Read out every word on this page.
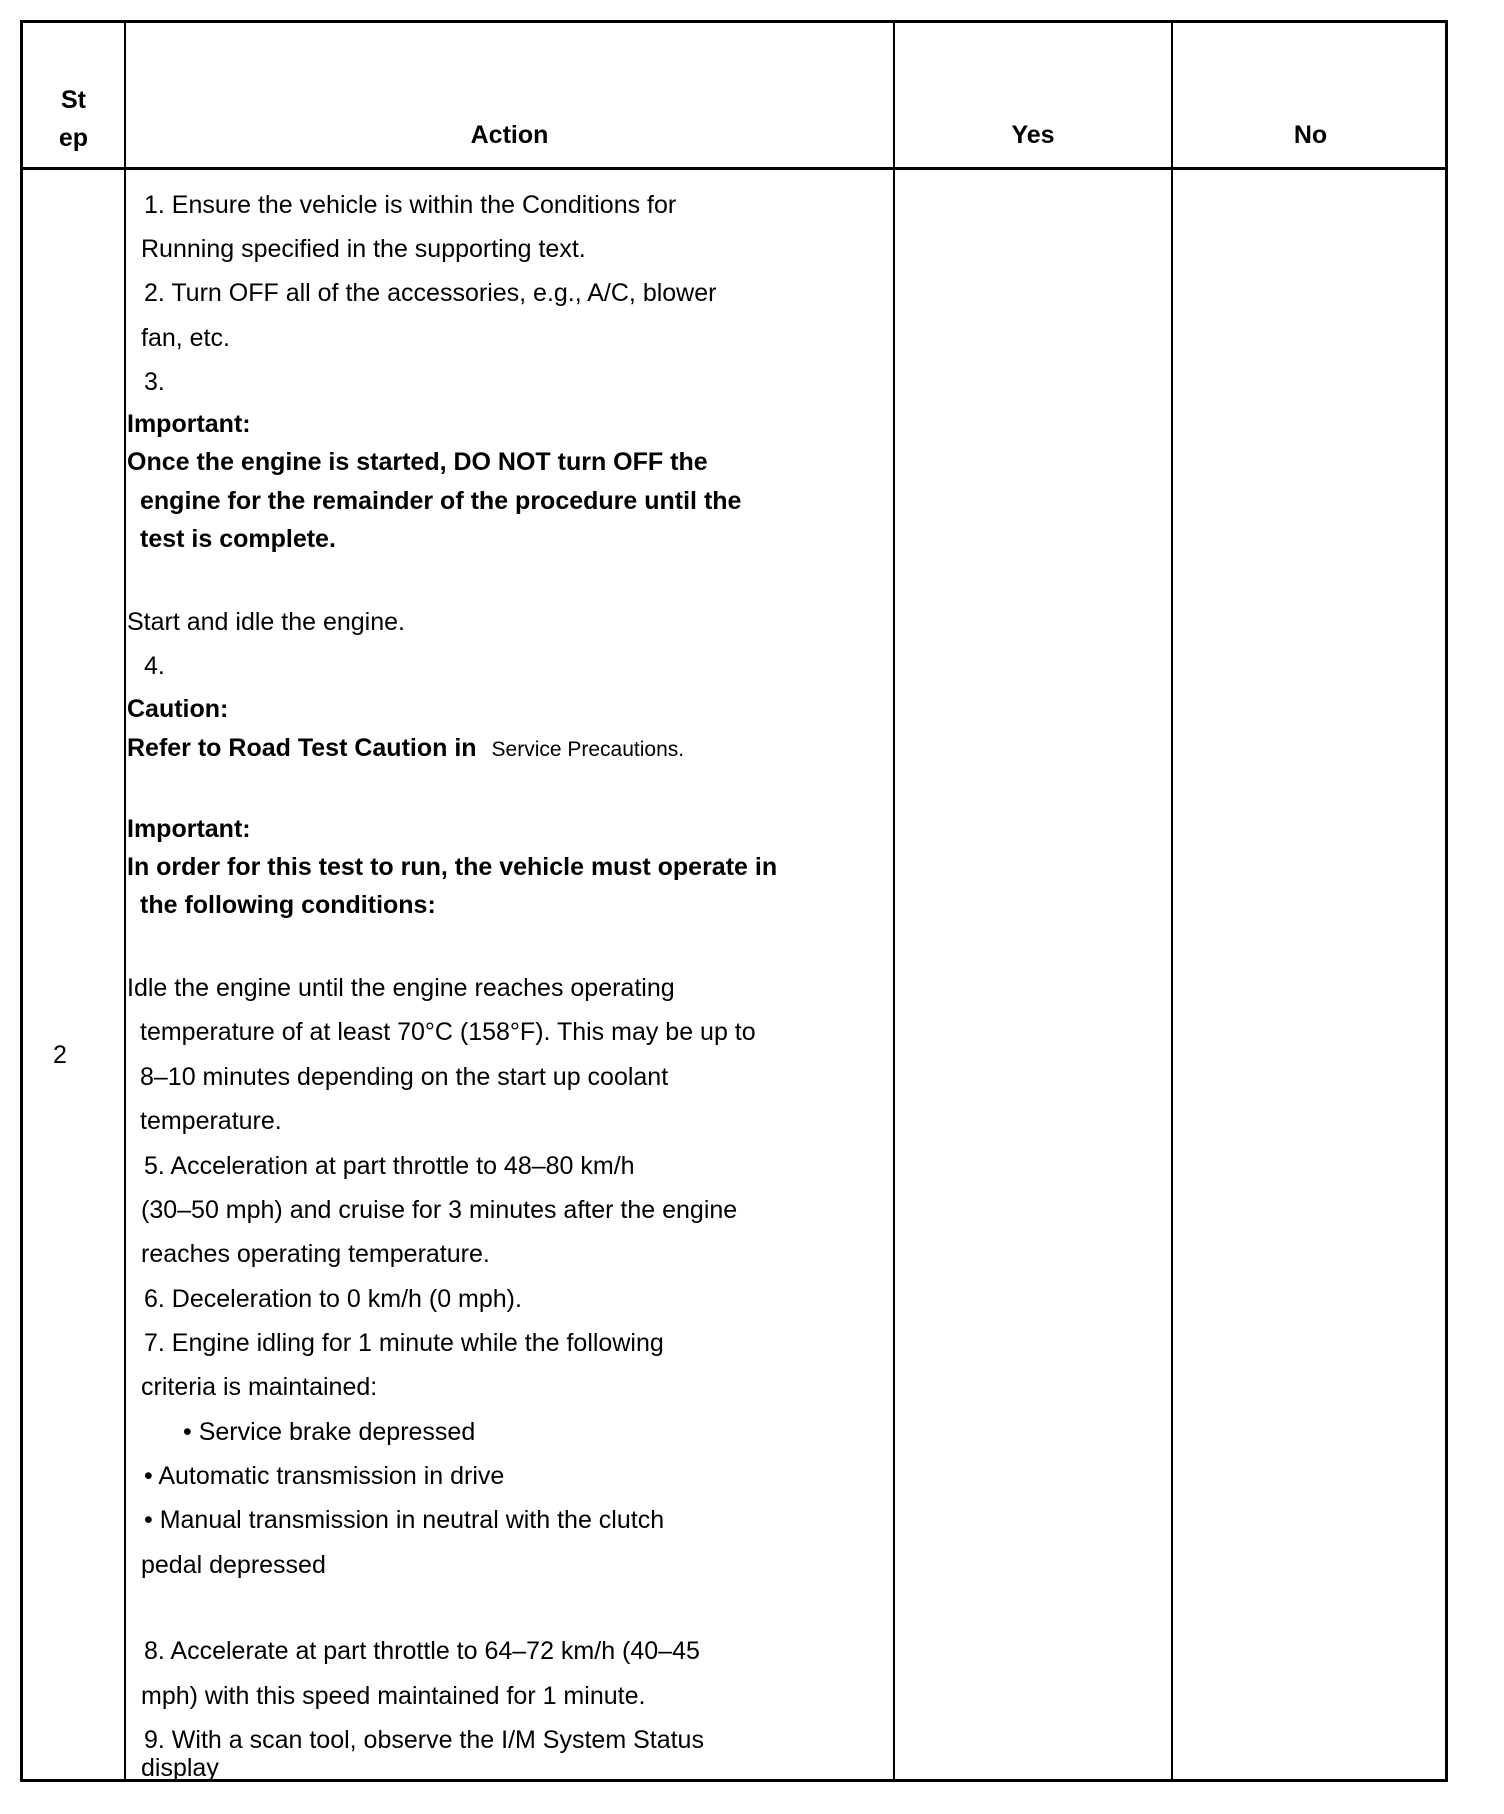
St
ep	Action	Yes	No
2
1. Ensure the vehicle is within the Conditions for
Running specified in the supporting text.
2. Turn OFF all of the accessories, e.g., A/C, blower
fan, etc.
3.
Important:
Once the engine is started, DO NOT turn OFF the
engine for the remainder of the procedure until the
test is complete.
Start and idle the engine.
4.
Caution:
Refer to Road Test Caution in Service Precautions.
Important:
In order for this test to run, the vehicle must operate in
the following conditions:
Idle the engine until the engine reaches operating
temperature of at least 70°C (158°F). This may be up to
8–10 minutes depending on the start up coolant
temperature.
5. Acceleration at part throttle to 48–80 km/h
(30–50 mph) and cruise for 3 minutes after the engine
reaches operating temperature.
6. Deceleration to 0 km/h (0 mph).
7. Engine idling for 1 minute while the following
criteria is maintained:
• Service brake depressed
• Automatic transmission in drive
• Manual transmission in neutral with the clutch
pedal depressed
8. Accelerate at part throttle to 64–72 km/h (40–45
mph) with this speed maintained for 1 minute.
9. With a scan tool, observe the I/M System Status
display
